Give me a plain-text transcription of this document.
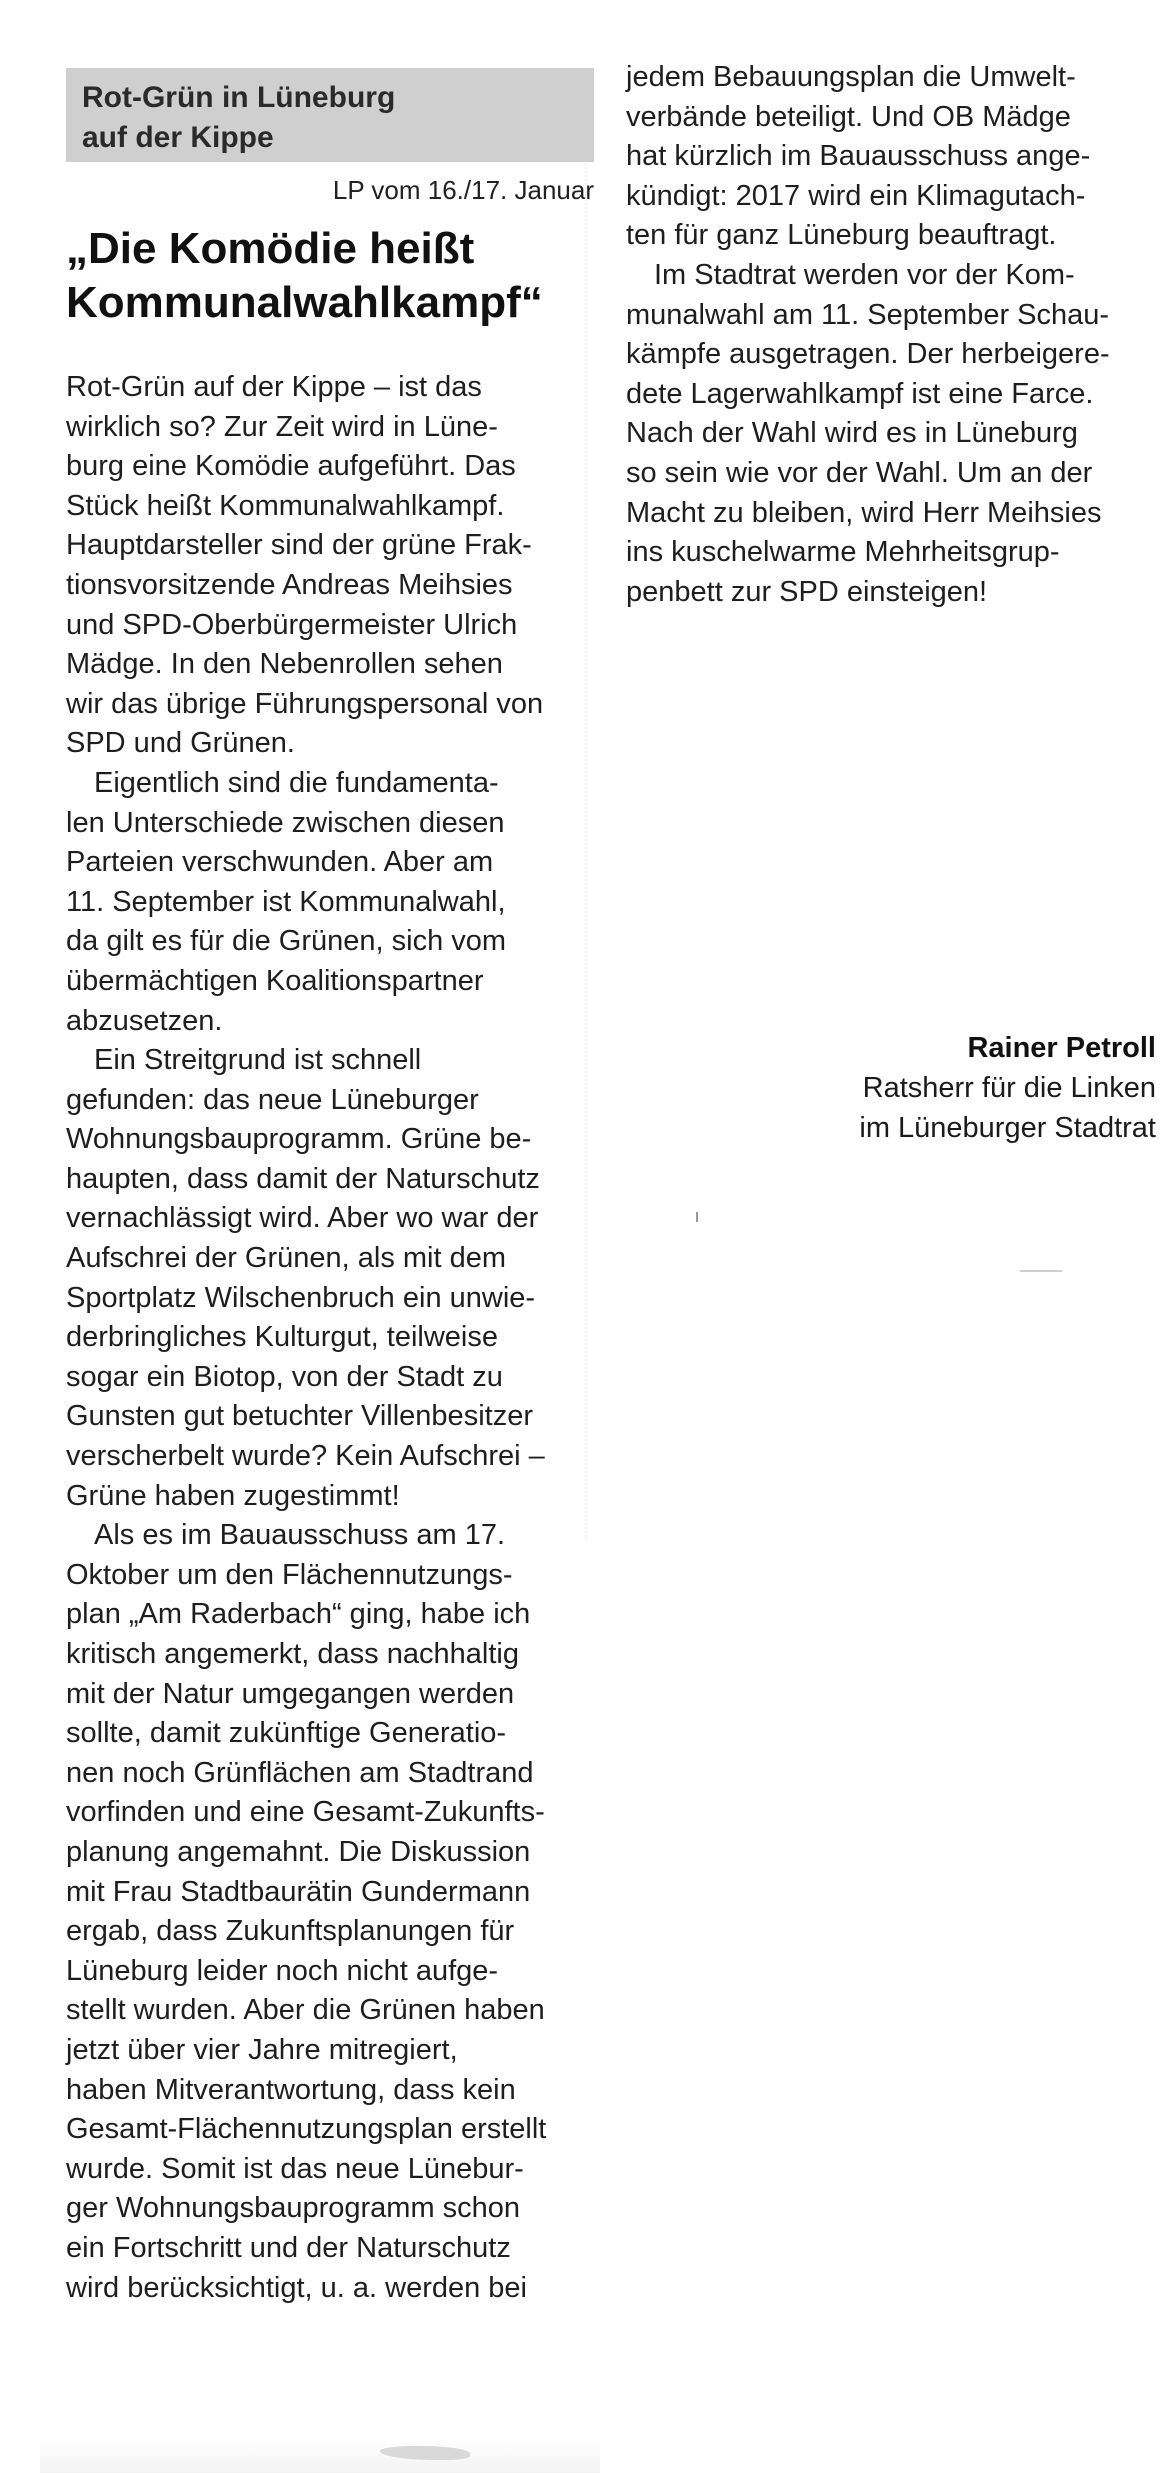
Rot-Grün in Lüneburg
auf der Kippe
LP vom 16./17. Januar
„Die Komödie heißt
Kommunalwahlkampf“
Rot-Grün auf der Kippe – ist das
wirklich so? Zur Zeit wird in Lüne-
burg eine Komödie aufgeführt. Das
Stück heißt Kommunalwahlkampf.
Hauptdarsteller sind der grüne Frak-
tionsvorsitzende Andreas Meihsies
und SPD-Oberbürgermeister Ulrich
Mädge. In den Nebenrollen sehen
wir das übrige Führungspersonal von
SPD und Grünen.
Eigentlich sind die fundamenta-
len Unterschiede zwischen diesen
Parteien verschwunden. Aber am
11. September ist Kommunalwahl,
da gilt es für die Grünen, sich vom
übermächtigen Koalitionspartner
abzusetzen.
Ein Streitgrund ist schnell
gefunden: das neue Lüneburger
Wohnungsbauprogramm. Grüne be-
haupten, dass damit der Naturschutz
vernachlässigt wird. Aber wo war der
Aufschrei der Grünen, als mit dem
Sportplatz Wilschenbruch ein unwie-
derbringliches Kulturgut, teilweise
sogar ein Biotop, von der Stadt zu
Gunsten gut betuchter Villenbesitzer
verscherbelt wurde? Kein Aufschrei –
Grüne haben zugestimmt!
Als es im Bauausschuss am 17.
Oktober um den Flächennutzungs-
plan „Am Raderbach“ ging, habe ich
kritisch angemerkt, dass nachhaltig
mit der Natur umgegangen werden
sollte, damit zukünftige Generatio-
nen noch Grünflächen am Stadtrand
vorfinden und eine Gesamt-Zukunfts-
planung angemahnt. Die Diskussion
mit Frau Stadtbaurätin Gundermann
ergab, dass Zukunftsplanungen für
Lüneburg leider noch nicht aufge-
stellt wurden. Aber die Grünen haben
jetzt über vier Jahre mitregiert,
haben Mitverantwortung, dass kein
Gesamt-Flächennutzungsplan erstellt
wurde. Somit ist das neue Lünebur-
ger Wohnungsbauprogramm schon
ein Fortschritt und der Naturschutz
wird berücksichtigt, u. a. werden bei
jedem Bebauungsplan die Umwelt-
verbände beteiligt. Und OB Mädge
hat kürzlich im Bauausschuss ange-
kündigt: 2017 wird ein Klimagutach-
ten für ganz Lüneburg beauftragt.
Im Stadtrat werden vor der Kom-
munalwahl am 11. September Schau-
kämpfe ausgetragen. Der herbeigere-
dete Lagerwahlkampf ist eine Farce.
Nach der Wahl wird es in Lüneburg
so sein wie vor der Wahl. Um an der
Macht zu bleiben, wird Herr Meihsies
ins kuschelwarme Mehrheitsgrup-
penbett zur SPD einsteigen!
Rainer Petroll
Ratsherr für die Linken
im Lüneburger Stadtrat
